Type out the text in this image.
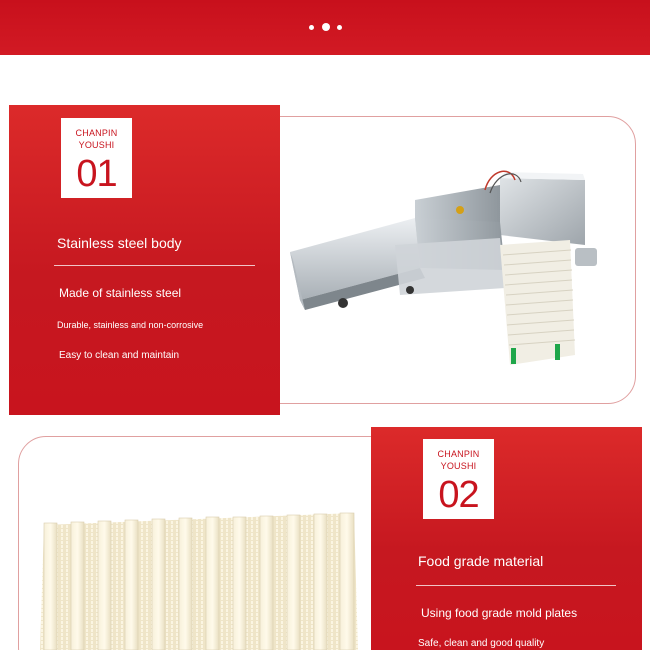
CHANPIN
YOUSHI
01
Stainless steel body
Made of stainless steel
Durable, stainless and non-corrosive
Easy to clean and maintain
CHANPIN
YOUSHI
02
Food grade material
Using food grade mold plates
Safe, clean and good quality
